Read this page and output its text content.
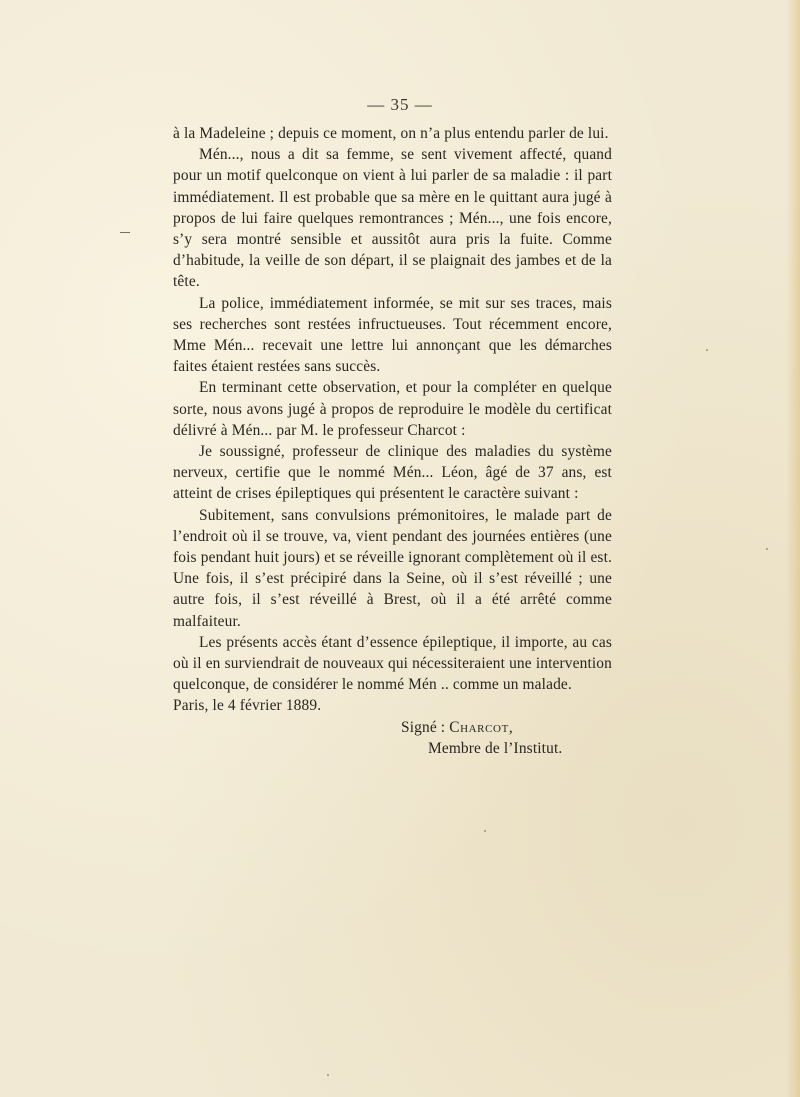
— 35 —

à la Madeleine ; depuis ce moment, on n’a plus entendu parler de lui.

Mén..., nous a dit sa femme, se sent vivement affecté, quand pour un motif quelconque on vient à lui parler de sa maladie : il part immédiatement. Il est probable que sa mère en le quittant aura jugé à propos de lui faire quelques remontrances ; Mén..., une fois encore, s’y sera montré sensible et aussitôt aura pris la fuite. Comme d’habitude, la veille de son départ, il se plaignait des jambes et de la tête.

La police, immédiatement informée, se mit sur ses traces, mais ses recherches sont restées infructueuses. Tout récemment encore, Mme Mén... recevait une lettre lui annonçant que les démarches faites étaient restées sans succès.

En terminant cette observation, et pour la compléter en quelque sorte, nous avons jugé à propos de reproduire le modèle du certificat délivré à Mén... par M. le professeur Charcot :

Je soussigné, professeur de clinique des maladies du système nerveux, certifie que le nommé Mén... Léon, âgé de 37 ans, est atteint de crises épileptiques qui présentent le caractère suivant :

Subitement, sans convulsions prémonitoires, le malade part de l’endroit où il se trouve, va, vient pendant des journées entières (une fois pendant huit jours) et se réveille ignorant complètement où il est. Une fois, il s’est précipiré dans la Seine, où il s’est réveillé ; une autre fois, il s’est réveillé à Brest, où il a été arrêté comme malfaiteur.

Les présents accès étant d’essence épileptique, il importe, au cas où il en surviendrait de nouveaux qui nécessiteraient une intervention quelconque, de considérer le nommé Mén .. comme un malade.

Paris, le 4 février 1889.

Signé : Charcot,

Membre de l’Institut.
